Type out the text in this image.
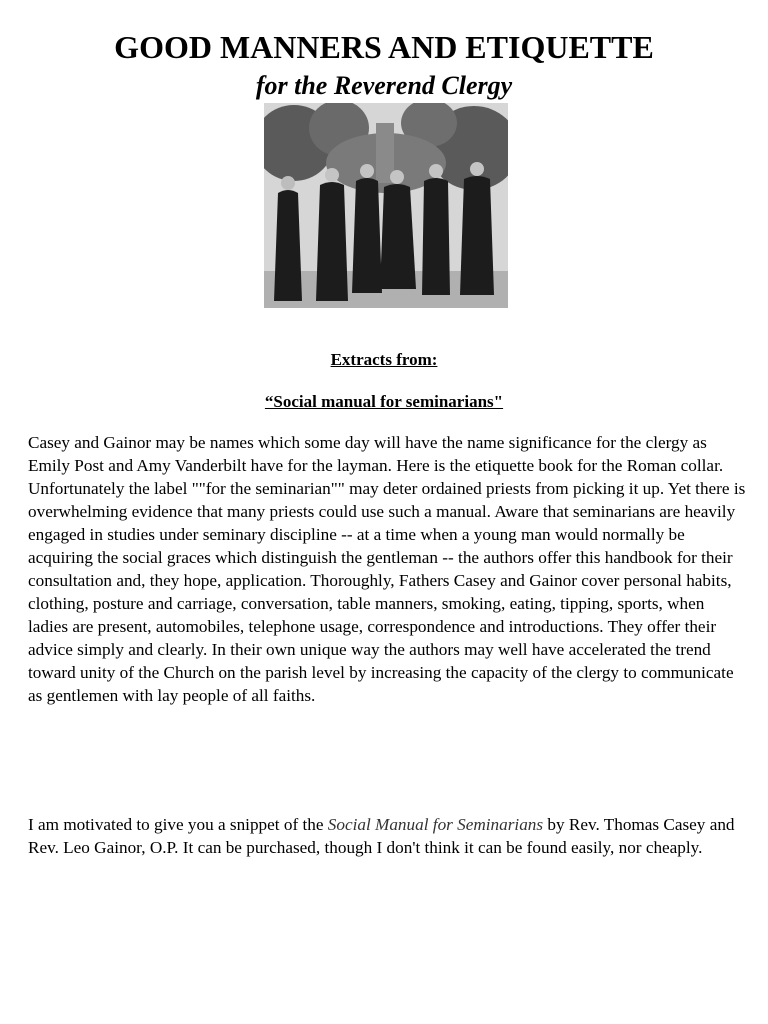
GOOD MANNERS AND ETIQUETTE
for the Reverend Clergy
Extracts from:
“Social manual for seminarians"

Casey and Gainor may be names which some day will have the name significance for the clergy as Emily Post and Amy Vanderbilt have for the layman. Here is the etiquette book for the Roman collar. Unfortunately the label ""for the seminarian"" may deter ordained priests from picking it up. Yet there is overwhelming evidence that many priests could use such a manual. Aware that seminarians are heavily engaged in studies under seminary discipline -- at a time when a young man would normally be acquiring the social graces which distinguish the gentleman -- the authors offer this handbook for their consultation and, they hope, application. Thoroughly, Fathers Casey and Gainor cover personal habits, clothing, posture and carriage, conversation, table manners, smoking, eating, tipping, sports, when ladies are present, automobiles, telephone usage, correspondence and introductions. They offer their advice simply and clearly. In their own unique way the authors may well have accelerated the trend toward unity of the Church on the parish level by increasing the capacity of the clergy to communicate as gentlemen with lay people of all faiths.

I am motivated to give you a snippet of the Social Manual for Seminarians by Rev. Thomas Casey and Rev. Leo Gainor, O.P. It can be purchased, though I don't think it can be found easily, nor cheaply.
